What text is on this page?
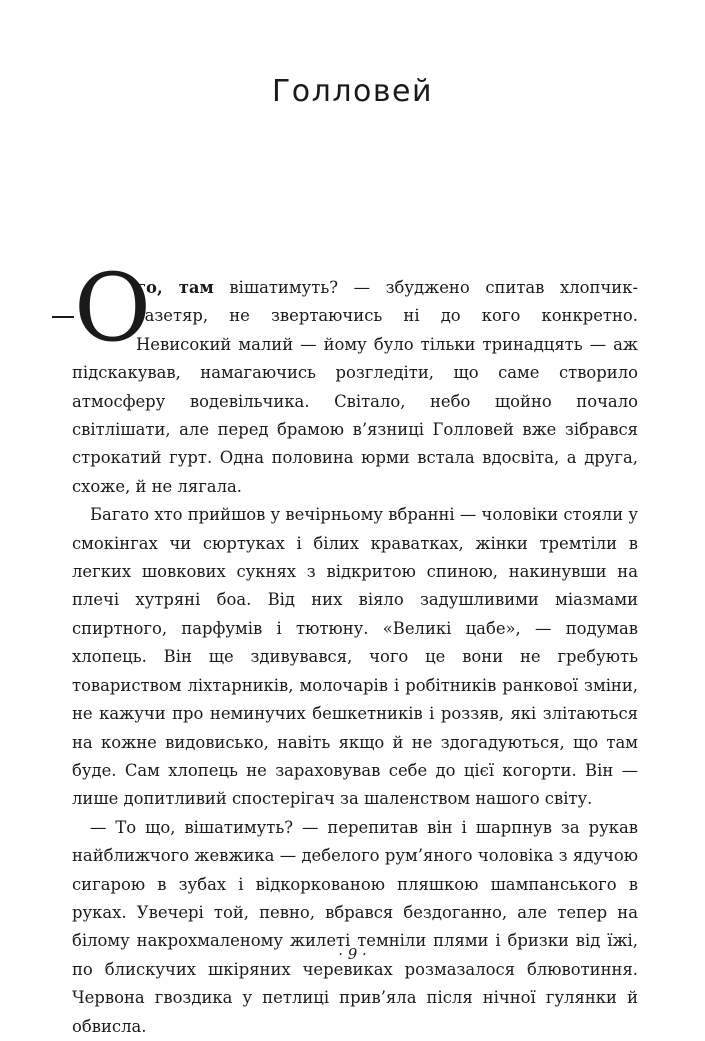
Голловей

О
го, там вішатимуть? — збуджено спитав хлопчик-газетяр, не звертаючись ні до кого конкретно. Невисокий малий — йому було тільки тринадцять — аж підскакував, намагаючись розгледіти, що саме створило атмосферу водевільчика. Світало, небо щойно почало світлішати, але перед брамою в’язниці Голловей вже зібрався строкатий гурт. Одна половина юрми встала вдосвіта, а друга, схоже, й не лягала.

Багато хто прийшов у вечірньому вбранні — чоловіки стояли у смокінгах чи сюртуках і білих краватках, жінки тремтіли в легких шовкових сукнях з відкритою спиною, накинувши на плечі хутряні боа. Від них віяло задушливими міазмами спиртного, парфумів і тютюну. «Великі цабе», — подумав хлопець. Він ще здивувався, чого це вони не гребують товариством ліхтарників, молочарів і робітників ранкової зміни, не кажучи про неминучих бешкетників і роззяв, які злітаються на кожне видовисько, навіть якщо й не здогадуються, що там буде. Сам хлопець не зараховував себе до цієї когорти. Він — лише допитливий спостерігач за шаленством нашого світу.

— То що, вішатимуть? — перепитав він і шарпнув за рукав найближчого жевжика — дебелого рум’яного чоловіка з ядучою сигарою в зубах і відкоркованою пляшкою шампанського в руках. Увечері той, певно, вбрався бездоганно, але тепер на білому накрохмаленому жилеті темніли плями і бризки від їжі, по блискучих шкіряних черевиках розмазалося блювотиння. Червона гвоздика у петлиці прив’яла після нічної гулянки й обвисла.

· 9 ·
